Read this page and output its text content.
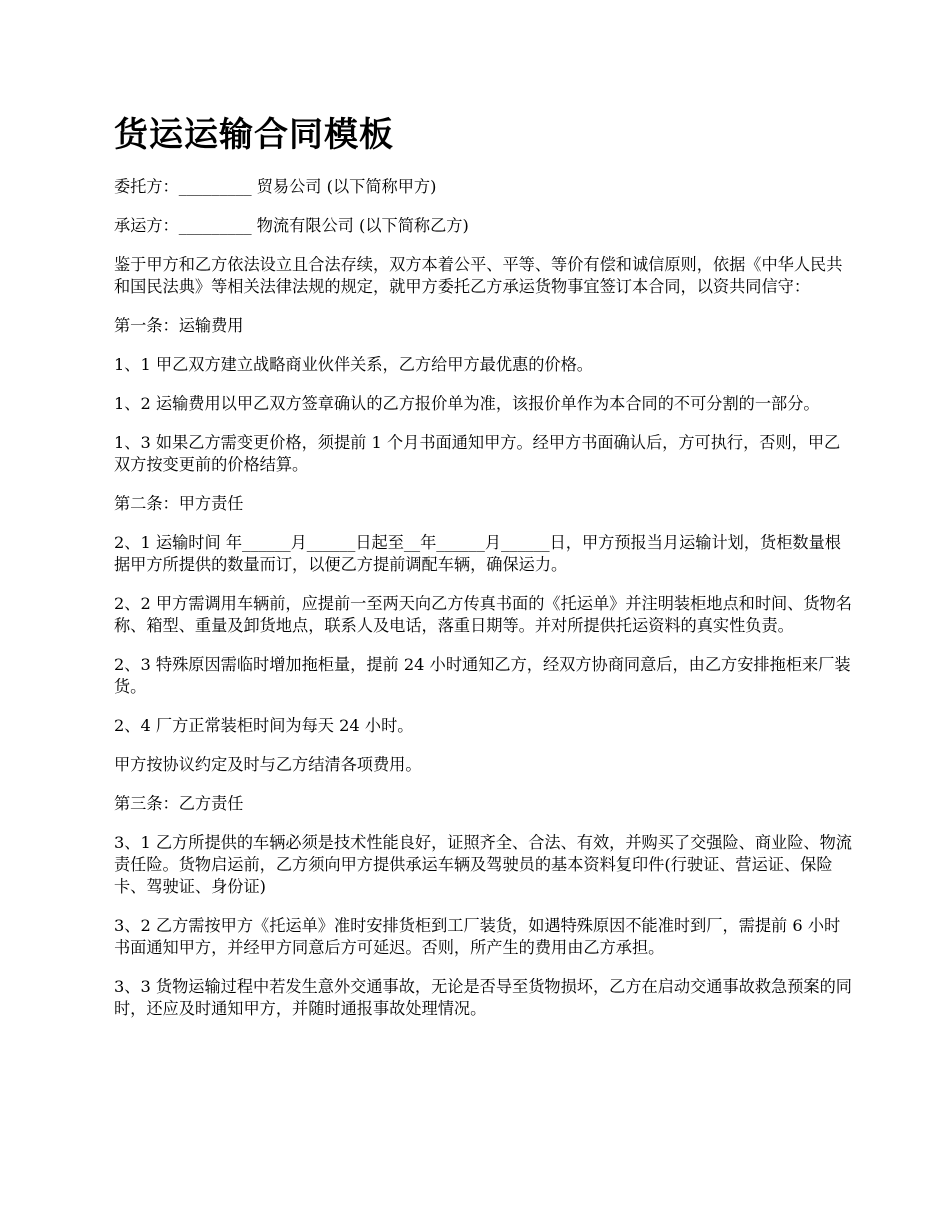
货运运输合同模板

委托方：_________ 贸易公司 (以下简称甲方)

承运方：_________ 物流有限公司 (以下简称乙方)

鉴于甲方和乙方依法设立且合法存续，双方本着公平、平等、等价有偿和诚信原则，依据《中华人民共和国民法典》等相关法律法规的规定，就甲方委托乙方承运货物事宜签订本合同，以资共同信守：

第一条：运输费用

1、1 甲乙双方建立战略商业伙伴关系，乙方给甲方最优惠的价格。

1、2 运输费用以甲乙双方签章确认的乙方报价单为准，该报价单作为本合同的不可分割的一部分。

1、3 如果乙方需变更价格，须提前 1 个月书面通知甲方。经甲方书面确认后，方可执行，否则，甲乙双方按变更前的价格结算。

第二条：甲方责任

2、1 运输时间 年______月______日起至__年______月______日，甲方预报当月运输计划，货柜数量根据甲方所提供的数量而订，以便乙方提前调配车辆，确保运力。

2、2 甲方需调用车辆前，应提前一至两天向乙方传真书面的《托运单》并注明装柜地点和时间、货物名称、箱型、重量及卸货地点，联系人及电话，落重日期等。并对所提供托运资料的真实性负责。

2、3 特殊原因需临时增加拖柜量，提前 24 小时通知乙方，经双方协商同意后，由乙方安排拖柜来厂装货。

2、4 厂方正常装柜时间为每天 24 小时。

甲方按协议约定及时与乙方结清各项费用。

第三条：乙方责任

3、1 乙方所提供的车辆必须是技术性能良好，证照齐全、合法、有效，并购买了交强险、商业险、物流责任险。货物启运前，乙方须向甲方提供承运车辆及驾驶员的基本资料复印件(行驶证、营运证、保险卡、驾驶证、身份证)

3、2 乙方需按甲方《托运单》准时安排货柜到工厂装货，如遇特殊原因不能准时到厂，需提前 6 小时书面通知甲方，并经甲方同意后方可延迟。否则，所产生的费用由乙方承担。

3、3 货物运输过程中若发生意外交通事故，无论是否导至货物损坏，乙方在启动交通事故救急预案的同时，还应及时通知甲方，并随时通报事故处理情况。
